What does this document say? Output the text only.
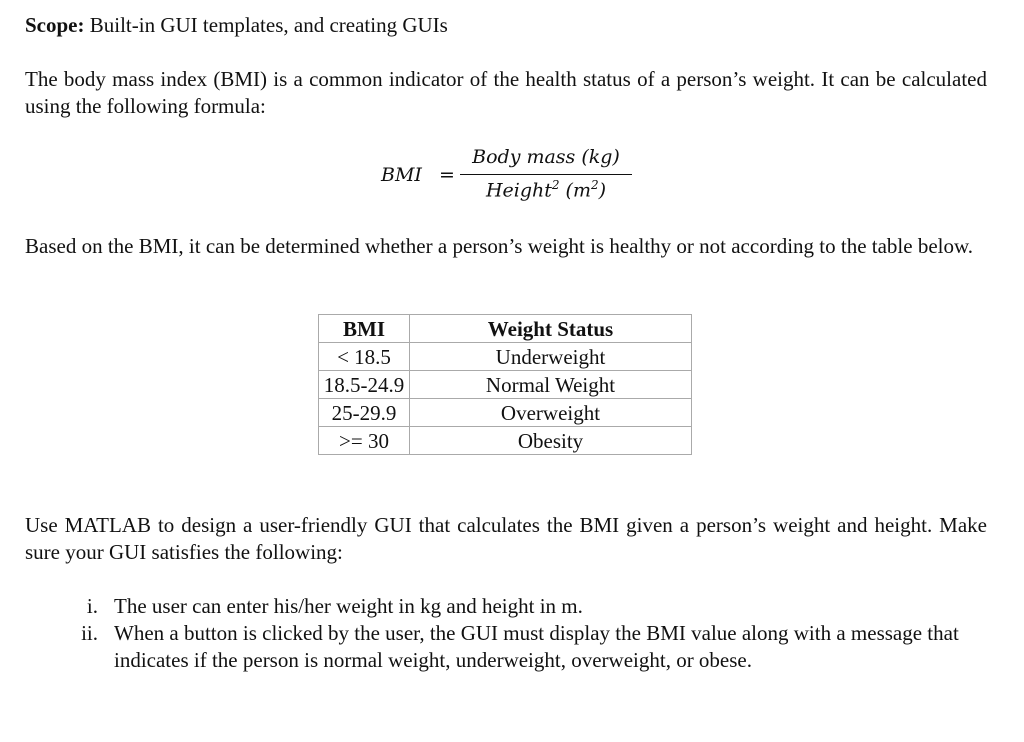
Scope: Built-in GUI templates, and creating GUIs

The body mass index (BMI) is a common indicator of the health status of a person’s weight. It can be calculated using the following formula:

BMI =
Body mass (kg)
Height$^2$ $(m^2)$

Based on the BMI, it can be determined whether a person’s weight is healthy or not according to the table below.

BMI	Weight Status
< 18.5	Underweight
18.5-24.9	Normal Weight
25-29.9	Overweight
>= 30	Obesity

Use MATLAB to design a user-friendly GUI that calculates the BMI given a person’s weight and height. Make sure your GUI satisfies the following:

i. The user can enter his/her weight in kg and height in m.
ii. When a button is clicked by the user, the GUI must display the BMI value along with a message that indicates if the person is normal weight, underweight, overweight, or obese.
